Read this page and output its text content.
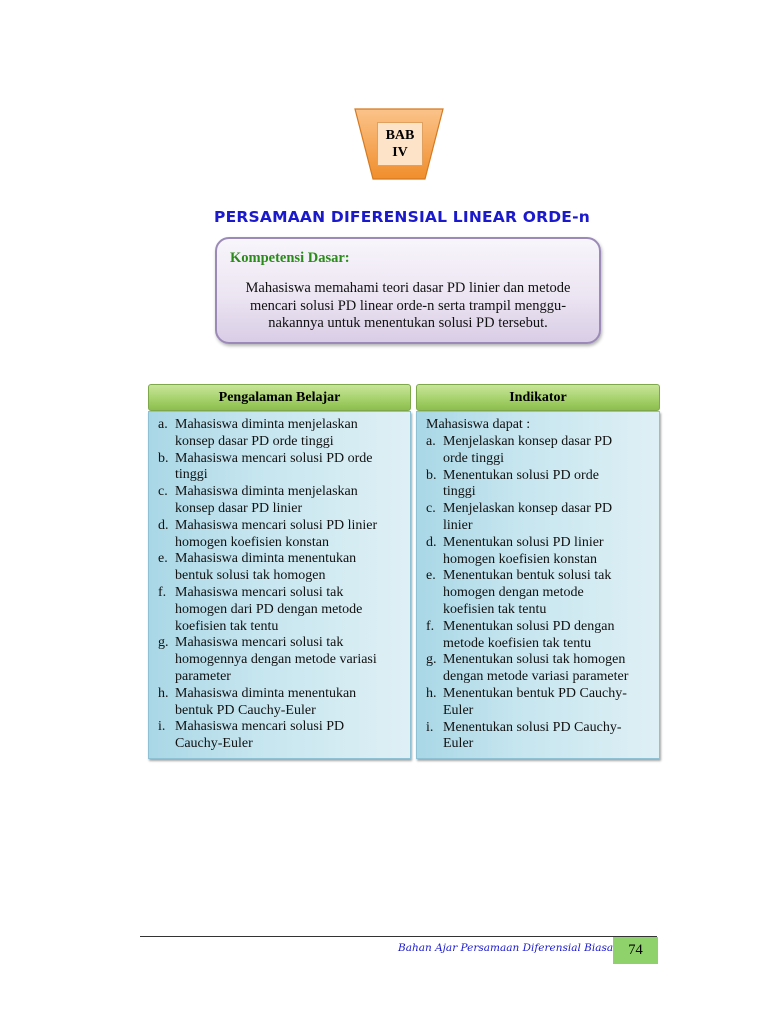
BAB
IV
PERSAMAAN DIFERENSIAL LINEAR ORDE-n
Kompetensi Dasar:
Mahasiswa memahami teori dasar PD linier dan metode
mencari solusi PD linear orde-n serta trampil menggu-
nakannya untuk menentukan solusi PD tersebut.
Pengalaman Belajar
a. Mahasiswa diminta menjelaskan
konsep dasar PD orde tinggi
b. Mahasiswa mencari solusi PD orde
tinggi
c. Mahasiswa diminta menjelaskan
konsep dasar PD linier
d. Mahasiswa mencari solusi PD linier
homogen koefisien konstan
e. Mahasiswa diminta menentukan
bentuk solusi tak homogen
f. Mahasiswa mencari solusi tak
homogen dari PD dengan metode
koefisien tak tentu
g. Mahasiswa mencari solusi tak
homogennya dengan metode variasi
parameter
h. Mahasiswa diminta menentukan
bentuk PD Cauchy-Euler
i. Mahasiswa mencari solusi PD
Cauchy-Euler
Indikator
Mahasiswa dapat :
a. Menjelaskan konsep dasar PD
orde tinggi
b. Menentukan solusi PD orde
tinggi
c. Menjelaskan konsep dasar PD
linier
d. Menentukan solusi PD linier
homogen koefisien konstan
e. Menentukan bentuk solusi tak
homogen dengan metode
koefisien tak tentu
f. Menentukan solusi PD dengan
metode koefisien tak tentu
g. Menentukan solusi tak homogen
dengan metode variasi parameter
h. Menentukan bentuk PD Cauchy-
Euler
i. Menentukan solusi PD Cauchy-
Euler
Bahan Ajar Persamaan Diferensial Biasa	74
